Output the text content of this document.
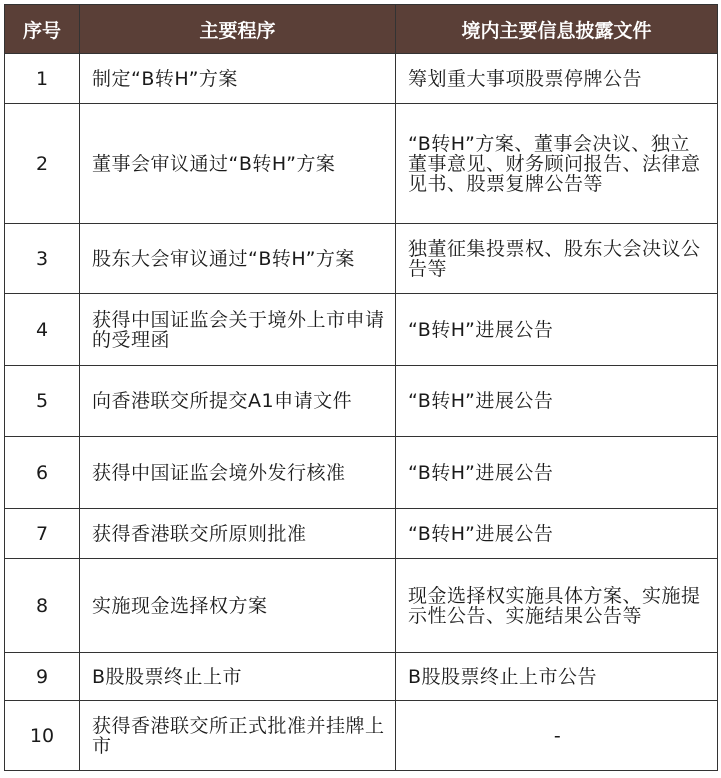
序号	主要程序	境内主要信息披露文件
1	制定“B转H”方案	筹划重大事项股票停牌公告
2	董事会审议通过“B转H”方案	“B转H”方案、董事会决议、独立董事意见、财务顾问报告、法律意见书、股票复牌公告等
3	股东大会审议通过“B转H”方案	独董征集投票权、股东大会决议公告等
4	获得中国证监会关于境外上市申请的受理函	“B转H”进展公告
5	向香港联交所提交A1申请文件	“B转H”进展公告
6	获得中国证监会境外发行核准	“B转H”进展公告
7	获得香港联交所原则批准	“B转H”进展公告
8	实施现金选择权方案	现金选择权实施具体方案、实施提示性公告、实施结果公告等
9	B股股票终止上市	B股股票终止上市公告
10	获得香港联交所正式批准并挂牌上市	-
